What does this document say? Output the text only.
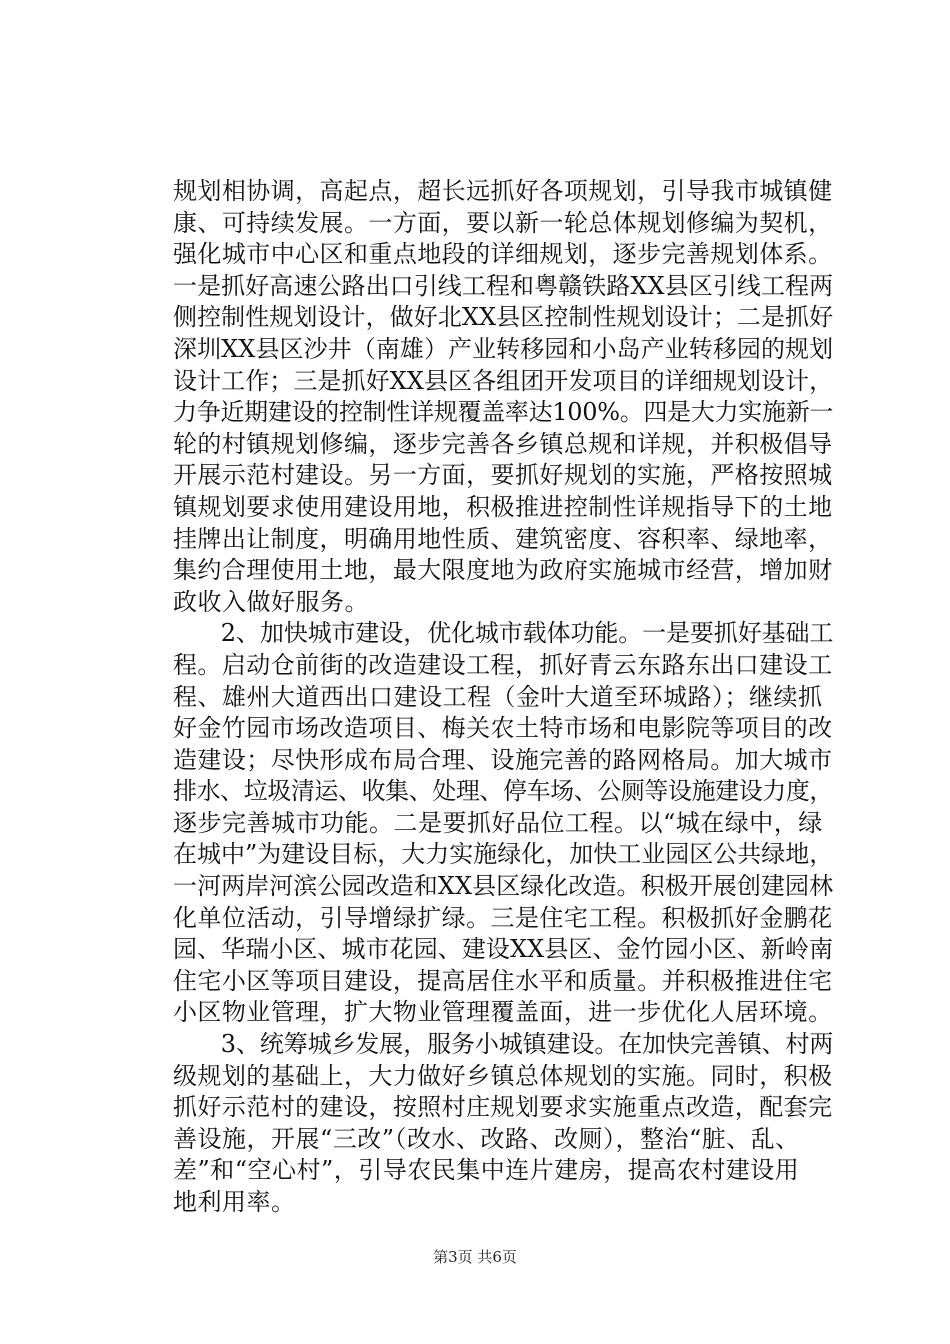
规划相协调，高起点，超长远抓好各项规划，引导我市城镇健
康、可持续发展。一方面，要以新一轮总体规划修编为契机，
强化城市中心区和重点地段的详细规划，逐步完善规划体系。
一是抓好高速公路出口引线工程和粤赣铁路XX县区引线工程两
侧控制性规划设计，做好北XX县区控制性规划设计；二是抓好
深圳XX县区沙井（南雄）产业转移园和小岛产业转移园的规划
设计工作；三是抓好XX县区各组团开发项目的详细规划设计，
力争近期建设的控制性详规覆盖率达100%。四是大力实施新一
轮的村镇规划修编，逐步完善各乡镇总规和详规，并积极倡导
开展示范村建设。另一方面，要抓好规划的实施，严格按照城
镇规划要求使用建设用地，积极推进控制性详规指导下的土地
挂牌出让制度，明确用地性质、建筑密度、容积率、绿地率，
集约合理使用土地，最大限度地为政府实施城市经营，增加财
政收入做好服务。
　　2、加快城市建设，优化城市载体功能。一是要抓好基础工
程。启动仓前街的改造建设工程，抓好青云东路东出口建设工
程、雄州大道西出口建设工程（金叶大道至环城路）；继续抓
好金竹园市场改造项目、梅关农土特市场和电影院等项目的改
造建设；尽快形成布局合理、设施完善的路网格局。加大城市
排水、垃圾清运、收集、处理、停车场、公厕等设施建设力度，
逐步完善城市功能。二是要抓好品位工程。以“城在绿中，绿
在城中”为建设目标，大力实施绿化，加快工业园区公共绿地，
一河两岸河滨公园改造和XX县区绿化改造。积极开展创建园林
化单位活动，引导增绿扩绿。三是住宅工程。积极抓好金鹏花
园、华瑞小区、城市花园、建设XX县区、金竹园小区、新岭南
住宅小区等项目建设，提高居住水平和质量。并积极推进住宅
小区物业管理，扩大物业管理覆盖面，进一步优化人居环境。
　　3、统筹城乡发展，服务小城镇建设。在加快完善镇、村两
级规划的基础上，大力做好乡镇总体规划的实施。同时，积极
抓好示范村的建设，按照村庄规划要求实施重点改造，配套完
善设施，开展“三改”（改水、改路、改厕），整治“脏、乱、
差”和“空心村”，引导农民集中连片建房，提高农村建设用
地利用率。
第3页 共6页
